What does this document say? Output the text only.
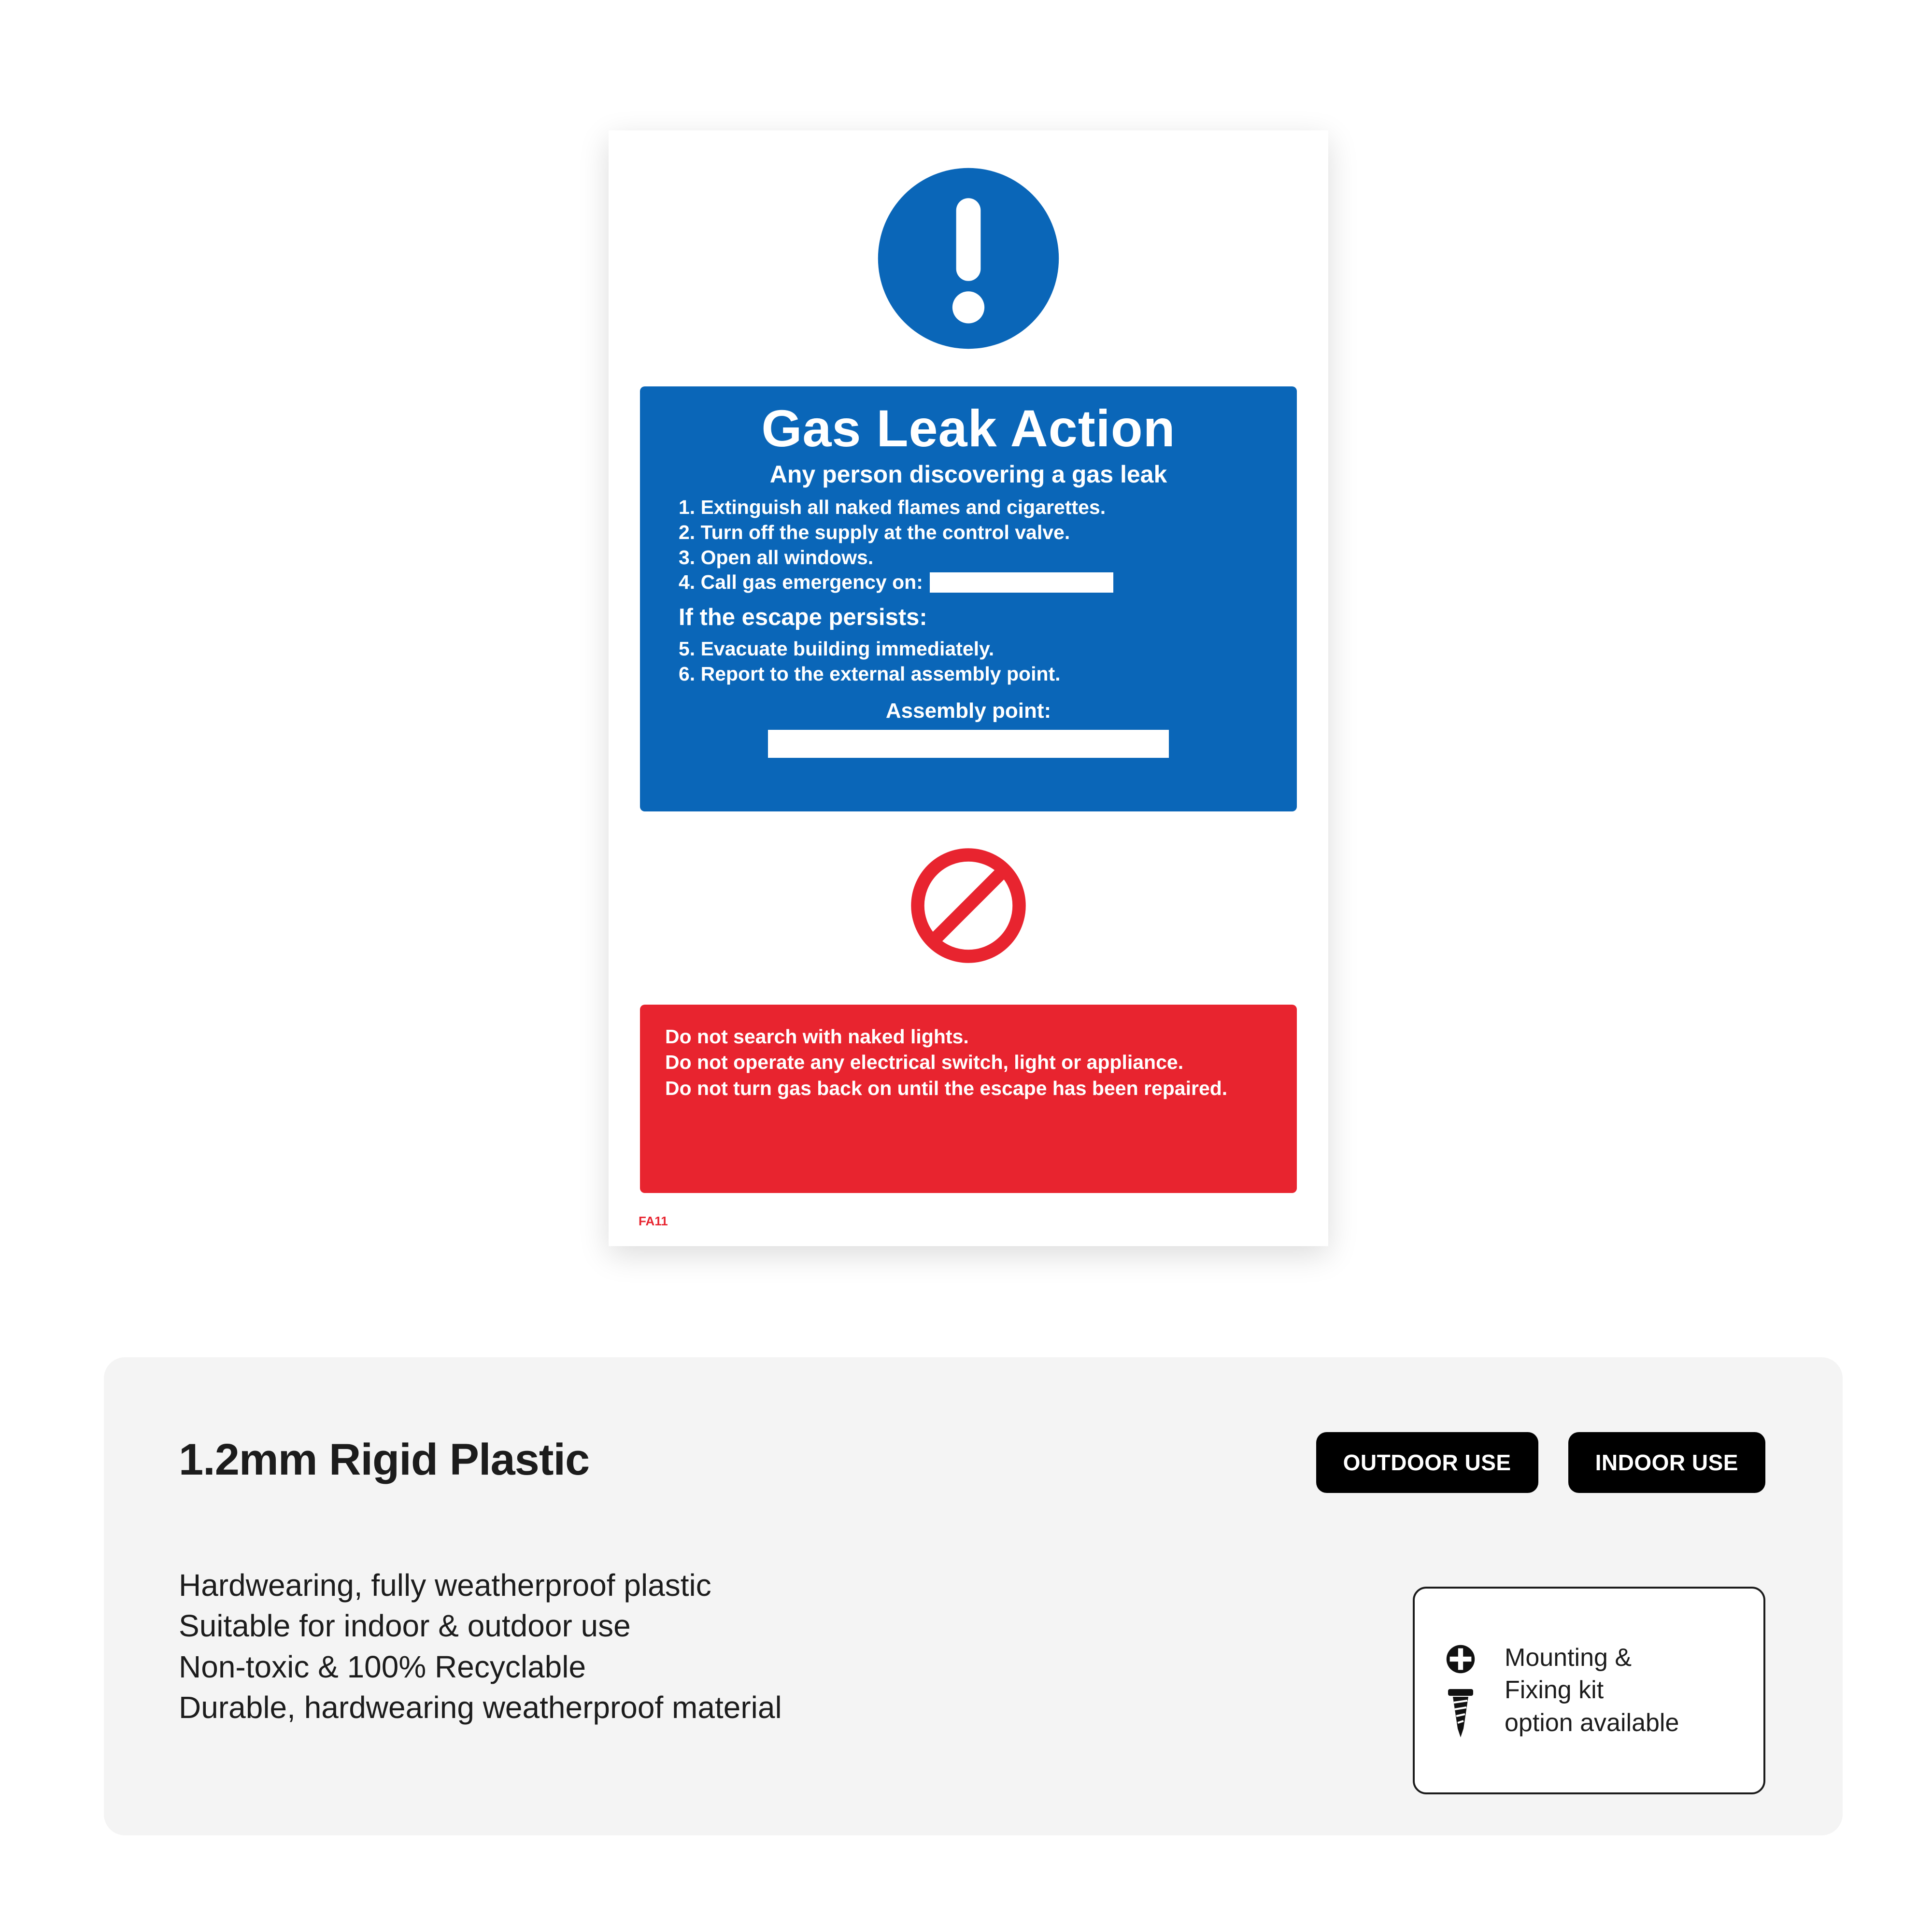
Gas Leak Action
Any person discovering a gas leak
1. Extinguish all naked flames and cigarettes.
2. Turn off the supply at the control valve.
3. Open all windows.
4. Call gas emergency on:
If the escape persists:
5. Evacuate building immediately.
6. Report to the external assembly point.
Assembly point:
Do not search with naked lights.
Do not operate any electrical switch, light or appliance.
Do not turn gas back on until the escape has been repaired.
FA11
1.2mm Rigid Plastic
Hardwearing, fully weatherproof plastic
Suitable for indoor & outdoor use
Non-toxic & 100% Recyclable
Durable, hardwearing weatherproof material
OUTDOOR USE	INDOOR USE
Mounting &
Fixing kit
option available
